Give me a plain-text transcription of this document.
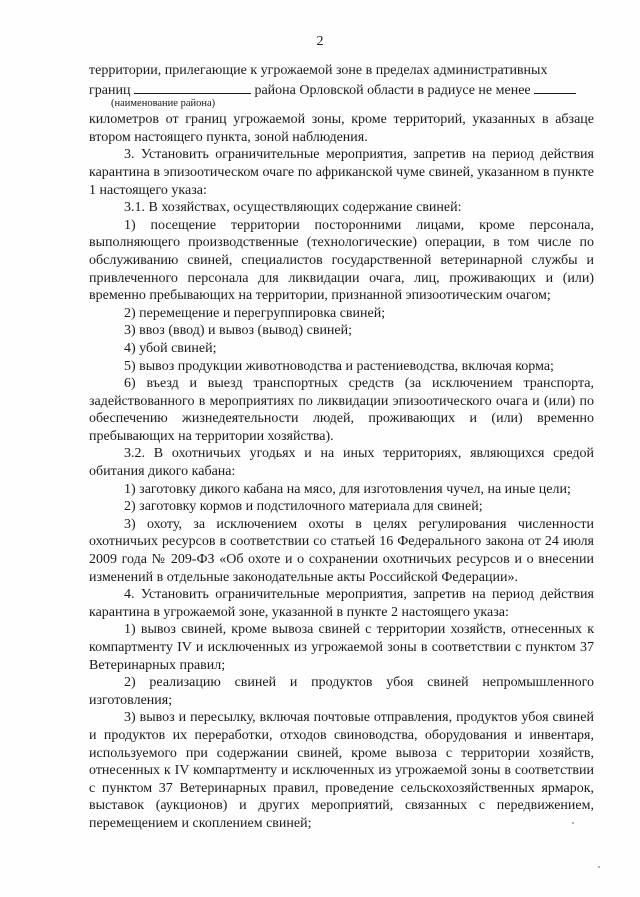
2

территории, прилегающие к угрожаемой зоне в пределах административных

границ	района Орловской области в радиусе не менее

(наименование района)

километров от границ угрожаемой зоны, кроме территорий, указанных в абзаце втором настоящего пункта, зоной наблюдения.

3. Установить ограничительные мероприятия, запретив на период действия карантина в эпизоотическом очаге по африканской чуме свиней, указанном в пункте 1 настоящего указа:

3.1. В хозяйствах, осуществляющих содержание свиней:

1) посещение территории посторонними лицами, кроме персонала, выполняющего производственные (технологические) операции, в том числе по обслуживанию свиней, специалистов государственной ветеринарной службы и привлеченного персонала для ликвидации очага, лиц, проживающих и (или) временно пребывающих на территории, признанной эпизоотическим очагом;

2) перемещение и перегруппировка свиней;

3) ввоз (ввод) и вывоз (вывод) свиней;

4) убой свиней;

5) вывоз продукции животноводства и растениеводства, включая корма;

6) въезд и выезд транспортных средств (за исключением транспорта, задействованного в мероприятиях по ликвидации эпизоотического очага и (или) по обеспечению жизнедеятельности людей, проживающих и (или) временно пребывающих на территории хозяйства).

3.2. В охотничьих угодьях и на иных территориях, являющихся средой обитания дикого кабана:

1) заготовку дикого кабана на мясо, для изготовления чучел, на иные цели;

2) заготовку кормов и подстилочного материала для свиней;

3) охоту, за исключением охоты в целях регулирования численности охотничьих ресурсов в соответствии со статьей 16 Федерального закона от 24 июля 2009 года № 209-ФЗ «Об охоте и о сохранении охотничьих ресурсов и о внесении изменений в отдельные законодательные акты Российской Федерации».

4. Установить ограничительные мероприятия, запретив на период действия карантина в угрожаемой зоне, указанной в пункте 2 настоящего указа:

1) вывоз свиней, кроме вывоза свиней с территории хозяйств, отнесенных к компартменту IV и исключенных из угрожаемой зоны в соответствии с пунктом 37 Ветеринарных правил;

2) реализацию свиней и продуктов убоя свиней непромышленного изготовления;

3) вывоз и пересылку, включая почтовые отправления, продуктов убоя свиней и продуктов их переработки, отходов свиноводства, оборудования и инвентаря, используемого при содержании свиней, кроме вывоза с территории хозяйств, отнесенных к IV компартменту и исключенных из угрожаемой зоны в соответствии с пунктом 37 Ветеринарных правил, проведение сельскохозяйственных ярмарок, выставок (аукционов) и других мероприятий, связанных с передвижением, перемещением и скоплением свиней;
